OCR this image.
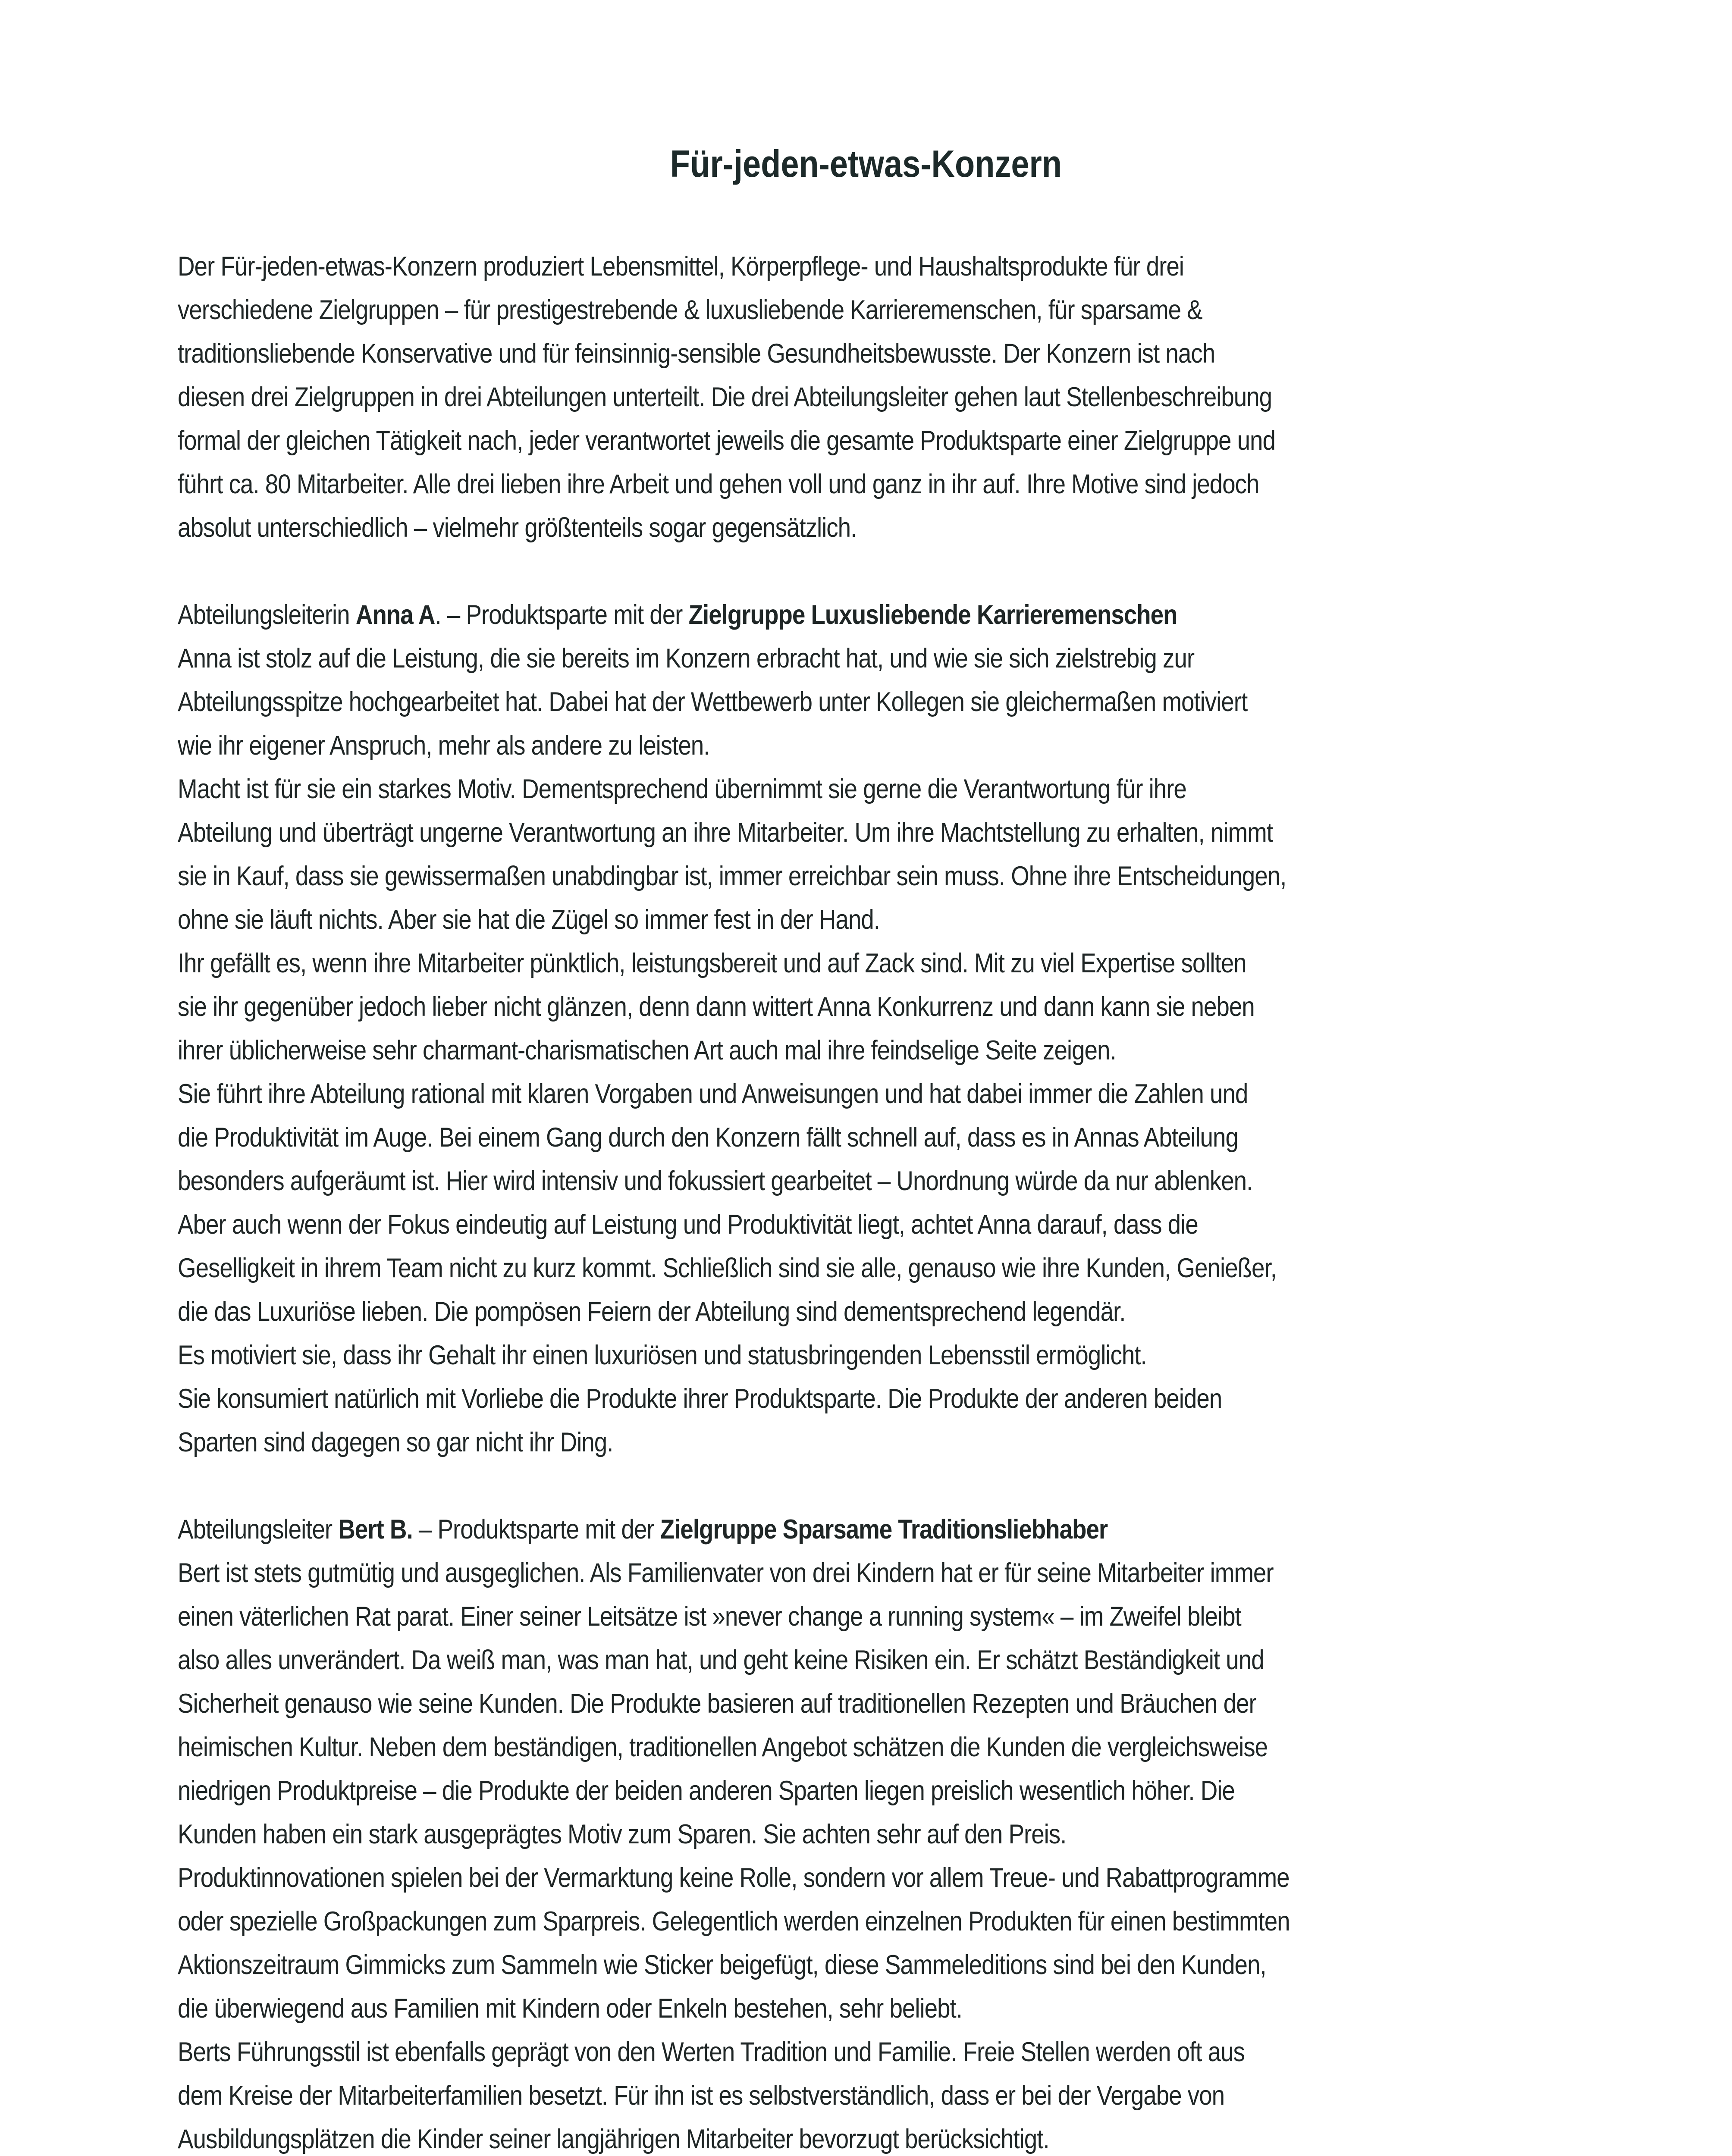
Für-jeden-etwas-Konzern
Der Für-jeden-etwas-Konzern produziert Lebensmittel, Körperpflege- und Haushaltsprodukte für drei
verschiedene Zielgruppen – für prestigestrebende & luxusliebende Karrieremenschen, für sparsame &
traditionsliebende Konservative und für feinsinnig-sensible Gesundheitsbewusste. Der Konzern ist nach
diesen drei Zielgruppen in drei Abteilungen unterteilt. Die drei Abteilungsleiter gehen laut Stellenbeschreibung
formal der gleichen Tätigkeit nach, jeder verantwortet jeweils die gesamte Produktsparte einer Zielgruppe und
führt ca. 80 Mitarbeiter. Alle drei lieben ihre Arbeit und gehen voll und ganz in ihr auf. Ihre Motive sind jedoch
absolut unterschiedlich – vielmehr größtenteils sogar gegensätzlich.
Abteilungsleiterin Anna A. – Produktsparte mit der Zielgruppe Luxusliebende Karrieremenschen
Anna ist stolz auf die Leistung, die sie bereits im Konzern erbracht hat, und wie sie sich zielstrebig zur
Abteilungsspitze hochgearbeitet hat. Dabei hat der Wettbewerb unter Kollegen sie gleichermaßen motiviert
wie ihr eigener Anspruch, mehr als andere zu leisten.
Macht ist für sie ein starkes Motiv. Dementsprechend übernimmt sie gerne die Verantwortung für ihre
Abteilung und überträgt ungerne Verantwortung an ihre Mitarbeiter. Um ihre Machtstellung zu erhalten, nimmt
sie in Kauf, dass sie gewissermaßen unabdingbar ist, immer erreichbar sein muss. Ohne ihre Entscheidungen,
ohne sie läuft nichts. Aber sie hat die Zügel so immer fest in der Hand.
Ihr gefällt es, wenn ihre Mitarbeiter pünktlich, leistungsbereit und auf Zack sind. Mit zu viel Expertise sollten
sie ihr gegenüber jedoch lieber nicht glänzen, denn dann wittert Anna Konkurrenz und dann kann sie neben
ihrer üblicherweise sehr charmant-charismatischen Art auch mal ihre feindselige Seite zeigen.
Sie führt ihre Abteilung rational mit klaren Vorgaben und Anweisungen und hat dabei immer die Zahlen und
die Produktivität im Auge. Bei einem Gang durch den Konzern fällt schnell auf, dass es in Annas Abteilung
besonders aufgeräumt ist. Hier wird intensiv und fokussiert gearbeitet – Unordnung würde da nur ablenken.
Aber auch wenn der Fokus eindeutig auf Leistung und Produktivität liegt, achtet Anna darauf, dass die
Geselligkeit in ihrem Team nicht zu kurz kommt. Schließlich sind sie alle, genauso wie ihre Kunden, Genießer,
die das Luxuriöse lieben. Die pompösen Feiern der Abteilung sind dementsprechend legendär.
Es motiviert sie, dass ihr Gehalt ihr einen luxuriösen und statusbringenden Lebensstil ermöglicht.
Sie konsumiert natürlich mit Vorliebe die Produkte ihrer Produktsparte. Die Produkte der anderen beiden
Sparten sind dagegen so gar nicht ihr Ding.
Abteilungsleiter Bert B. – Produktsparte mit der Zielgruppe Sparsame Traditionsliebhaber
Bert ist stets gutmütig und ausgeglichen. Als Familienvater von drei Kindern hat er für seine Mitarbeiter immer
einen väterlichen Rat parat. Einer seiner Leitsätze ist »never change a running system« – im Zweifel bleibt
also alles unverändert. Da weiß man, was man hat, und geht keine Risiken ein. Er schätzt Beständigkeit und
Sicherheit genauso wie seine Kunden. Die Produkte basieren auf traditionellen Rezepten und Bräuchen der
heimischen Kultur. Neben dem beständigen, traditionellen Angebot schätzen die Kunden die vergleichsweise
niedrigen Produktpreise – die Produkte der beiden anderen Sparten liegen preislich wesentlich höher. Die
Kunden haben ein stark ausgeprägtes Motiv zum Sparen. Sie achten sehr auf den Preis.
Produktinnovationen spielen bei der Vermarktung keine Rolle, sondern vor allem Treue- und Rabattprogramme
oder spezielle Großpackungen zum Sparpreis. Gelegentlich werden einzelnen Produkten für einen bestimmten
Aktionszeitraum Gimmicks zum Sammeln wie Sticker beigefügt, diese Sammeleditions sind bei den Kunden,
die überwiegend aus Familien mit Kindern oder Enkeln bestehen, sehr beliebt.
Berts Führungsstil ist ebenfalls geprägt von den Werten Tradition und Familie. Freie Stellen werden oft aus
dem Kreise der Mitarbeiterfamilien besetzt. Für ihn ist es selbstverständlich, dass er bei der Vergabe von
Ausbildungsplätzen die Kinder seiner langjährigen Mitarbeiter bevorzugt berücksichtigt.
